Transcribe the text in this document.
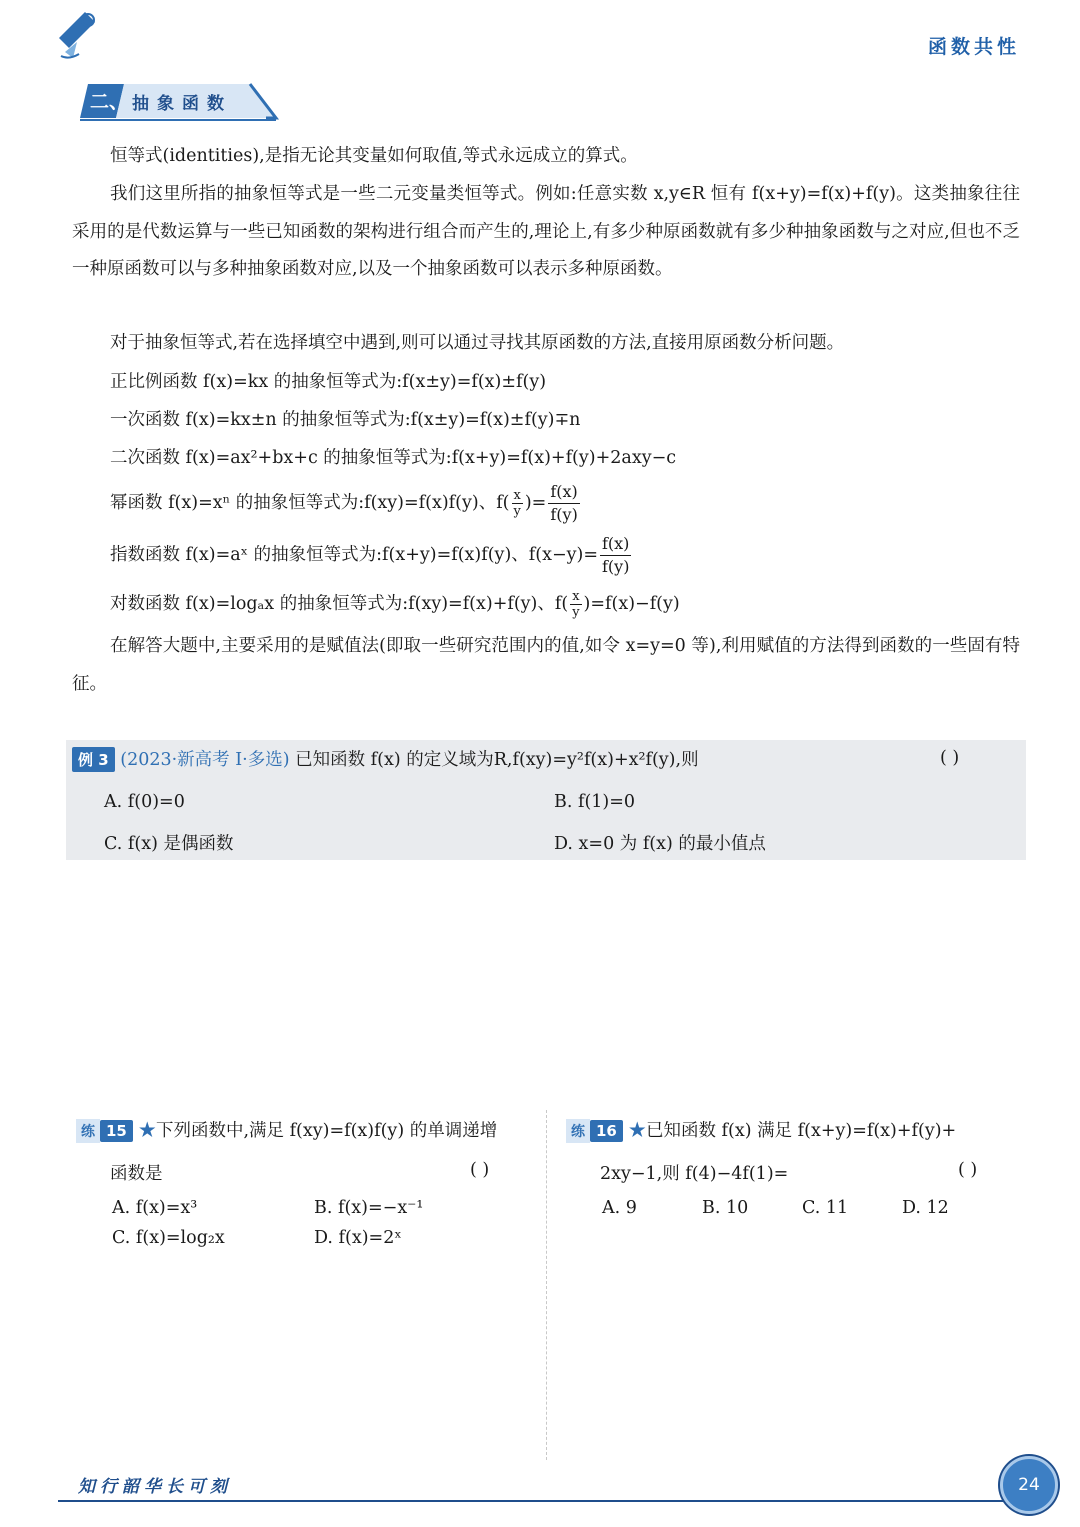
函数共性
二、 抽象函数
恒等式(identities),是指无论其变量如何取值,等式永远成立的算式。
我们这里所指的抽象恒等式是一些二元变量类恒等式。例如:任意实数 x,y∈R 恒有 f(x+y)=f(x)+f(y)。这类抽象往往采用的是代数运算与一些已知函数的架构进行组合而产生的,理论上,有多少种原函数就有多少种抽象函数与之对应,但也不乏一种原函数可以与多种抽象函数对应,以及一个抽象函数可以表示多种原函数。
对于抽象恒等式,若在选择填空中遇到,则可以通过寻找其原函数的方法,直接用原函数分析问题。
正比例函数 f(x)=kx 的抽象恒等式为:f(x±y)=f(x)±f(y)
一次函数 f(x)=kx±n 的抽象恒等式为:f(x±y)=f(x)±f(y)∓n
二次函数 f(x)=ax²+bx+c 的抽象恒等式为:f(x+y)=f(x)+f(y)+2axy−c
幂函数 f(x)=xⁿ 的抽象恒等式为:f(xy)=f(x)f(y)、$f( \frac{x}{y}$ )= $\frac{f(x)}{f(y)}$
指数函数 f(x)=aˣ 的抽象恒等式为:f(x+y)=f(x)f(y)、$f(x-y)= \frac{f(x)}{f(y)}$
对数函数 f(x)=logₐx 的抽象恒等式为:f(xy)=f(x)+f(y)、$f( \frac{x}{y} )=f(x)-f(y)$
在解答大题中,主要采用的是赋值法(即取一些研究范围内的值,如令 x=y=0 等),利用赋值的方法得到函数的一些固有特征。
例 3 (2023·新高考 I·多选) 已知函数 f(x) 的定义域为R,f(xy)=y²f(x)+x²f(y),则	( )
A. f(0)=0	B. f(1)=0
C. f(x) 是偶函数	D. x=0 为 f(x) 的最小值点
练 15 ★下列函数中,满足 f(xy)=f(x)f(y) 的单调递增
函数是	( )
A. f(x)=x³	B. f(x)=−x⁻¹
C. f(x)=log₂x	D. f(x)=2ˣ
练 16 ★已知函数 f(x) 满足 f(x+y)=f(x)+f(y)+
2xy−1,则 f(4)−4f(1)=	( )
A. 9	B. 10	C. 11	D. 12
知行韶华长可刻	24
